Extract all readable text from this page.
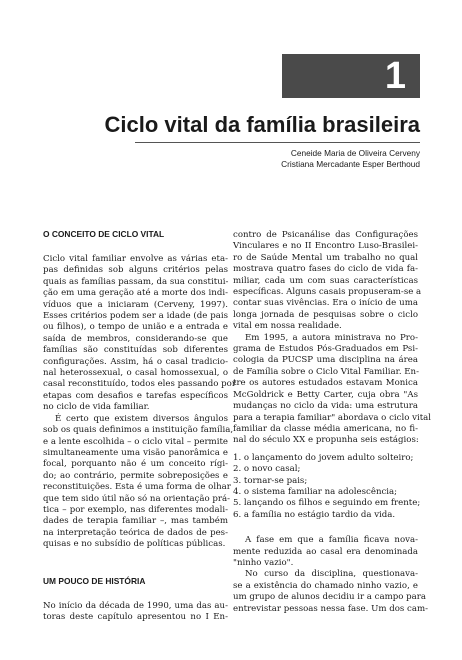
1
Ciclo vital da família brasileira
Ceneide Maria de Oliveira Cerveny
Cristiana Mercadante Esper Berthoud
O CONCEITO DE CICLO VITAL

Ciclo vital familiar envolve as várias eta-
pas definidas sob alguns critérios pelas
quais as famílias passam, da sua constitui-
ção em uma geração até a morte dos indi-
víduos que a iniciaram (Cerveny, 1997).
Esses critérios podem ser a idade (de pais
ou filhos), o tempo de união e a entrada e
saída de membros, considerando-se que
famílias são constituídas sob diferentes
configurações. Assim, há o casal tradicio-
nal heterossexual, o casal homossexual, o
casal reconstituído, todos eles passando por
etapas com desafios e tarefas específicos
no ciclo de vida familiar.

É certo que existem diversos ângulos
sob os quais definimos a instituição família,
e a lente escolhida – o ciclo vital – permite
simultaneamente uma visão panorâmica e
focal, porquanto não é um conceito rígi-
do; ao contrário, permite sobreposições e
reconstituições. Esta é uma forma de olhar
que tem sido útil não só na orientação prá-
tica – por exemplo, nas diferentes modali-
dades de terapia familiar –, mas também
na interpretação teórica de dados de pes-
quisas e no subsídio de políticas públicas.

UM POUCO DE HISTÓRIA

No início da década de 1990, uma das au-
toras deste capítulo apresentou no I En-

contro de Psicanálise das Configurações
Vinculares e no II Encontro Luso-Brasilei-
ro de Saúde Mental um trabalho no qual
mostrava quatro fases do ciclo de vida fa-
miliar, cada um com suas características
específicas. Alguns casais propuseram-se a
contar suas vivências. Era o início de uma
longa jornada de pesquisas sobre o ciclo
vital em nossa realidade.

Em 1995, a autora ministrava no Pro-
grama de Estudos Pós-Graduados em Psi-
cologia da PUCSP uma disciplina na área
de Família sobre o Ciclo Vital Familiar. En-
tre os autores estudados estavam Monica
McGoldrick e Betty Carter, cuja obra "As
mudanças no ciclo da vida: uma estrutura
para a terapia familiar" abordava o ciclo vital
familiar da classe média americana, no fi-
nal do século XX e propunha seis estágios:

1. o lançamento do jovem adulto solteiro;
2. o novo casal;
3. tornar-se pais;
4. o sistema familiar na adolescência;
5. lançando os filhos e seguindo em frente;
6. a família no estágio tardio da vida.

A fase em que a família ficava nova-
mente reduzida ao casal era denominada
"ninho vazio".

No curso da disciplina, questionava-
se a existência do chamado ninho vazio, e
um grupo de alunos decidiu ir a campo para
entrevistar pessoas nessa fase. Um dos cam-
